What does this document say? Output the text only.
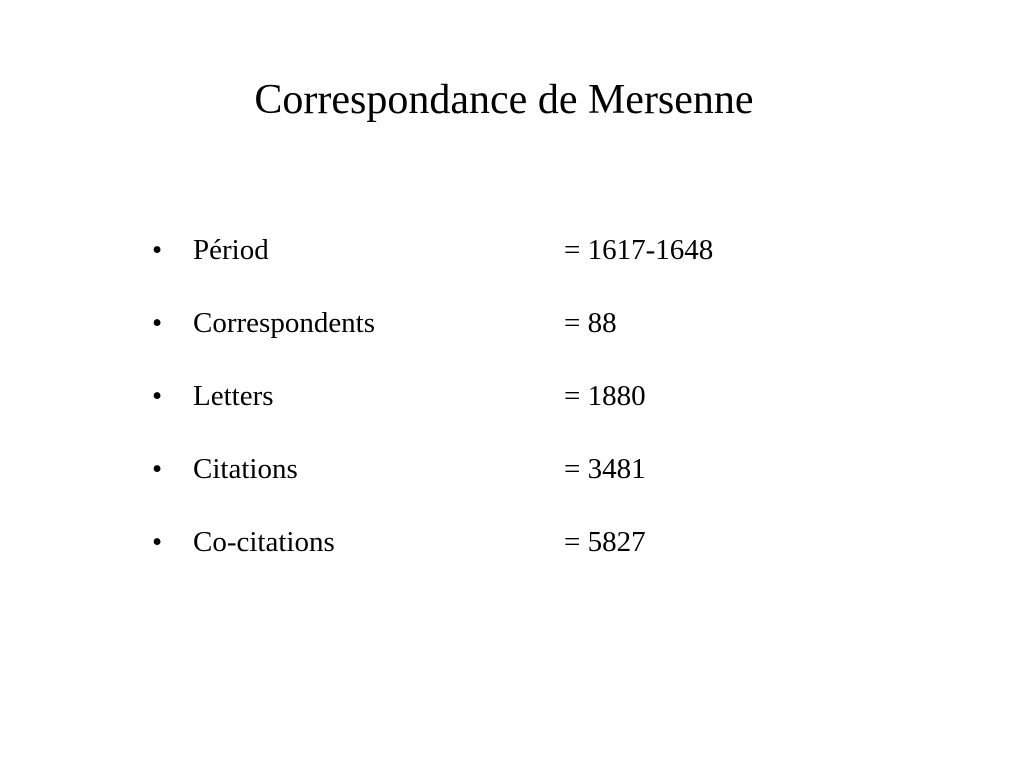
Correspondance de Mersenne
• Périod	= 1617-1648
• Correspondents	= 88
• Letters	= 1880
• Citations	= 3481
• Co-citations	= 5827
